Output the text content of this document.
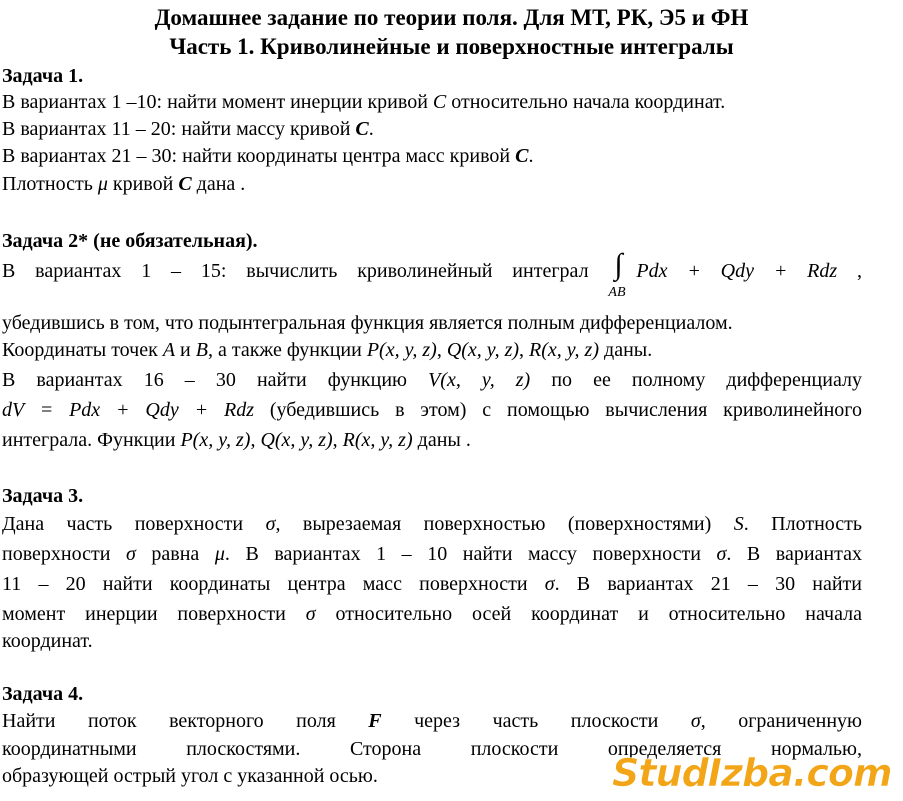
Домашнее задание по теории поля. Для МТ, РК, Э5 и ФН
Часть 1. Криволинейные и поверхностные интегралы
Задача 1.
В вариантах 1 –10: найти момент инерции кривой C относительно начала координат.
В вариантах 11 – 20: найти массу кривой C.
В вариантах 21 – 30: найти координаты центра масс кривой C.
Плотность μ кривой C дана .
Задача 2* (не обязательная).
В вариантах 1 – 15: вычислить криволинейный интеграл ∫
AB
Pdx + Qdy + Rdz ,
убедившись в том, что подынтегральная функция является полным дифференциалом.
Координаты точек A и B, а также функции P(x, y, z), Q(x, y, z), R(x, y, z) даны.
В вариантах 16 – 30 найти функцию V(x, y, z) по ее полному дифференциалу
dV = Pdx + Qdy + Rdz (убедившись в этом) с помощью вычисления криволинейного
интеграла. Функции P(x, y, z), Q(x, y, z), R(x, y, z) даны .
Задача 3.
Дана часть поверхности σ, вырезаемая поверхностью (поверхностями) S. Плотность
поверхности σ равна μ. В вариантах 1 – 10 найти массу поверхности σ. В вариантах
11 – 20 найти координаты центра масс поверхности σ. В вариантах 21 – 30 найти
момент инерции поверхности σ относительно осей координат и относительно начала
координат.
Задача 4.
Найти поток векторного поля F через часть плоскости σ, ограниченную
координатными плоскостями. Сторона плоскости определяется нормалью,
образующей острый угол с указанной осью.	StudIzba.com
